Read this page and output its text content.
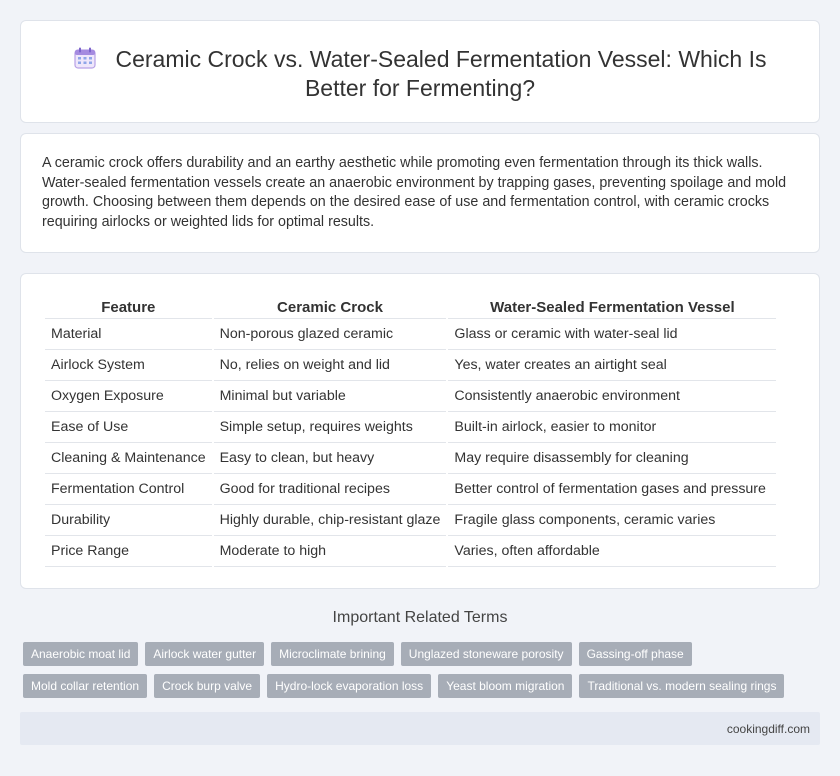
Ceramic Crock vs. Water-Sealed Fermentation Vessel: Which Is
Better for Fermenting?

A ceramic crock offers durability and an earthy aesthetic while promoting even fermentation through its thick walls. Water-sealed fermentation vessels create an anaerobic environment by trapping gases, preventing spoilage and mold growth. Choosing between them depends on the desired ease of use and fermentation control, with ceramic crocks requiring airlocks or weighted lids for optimal results.

Feature	Ceramic Crock	Water-Sealed Fermentation Vessel
Material	Non-porous glazed ceramic	Glass or ceramic with water-seal lid
Airlock System	No, relies on weight and lid	Yes, water creates an airtight seal
Oxygen Exposure	Minimal but variable	Consistently anaerobic environment
Ease of Use	Simple setup, requires weights	Built-in airlock, easier to monitor
Cleaning & Maintenance	Easy to clean, but heavy	May require disassembly for cleaning
Fermentation Control	Good for traditional recipes	Better control of fermentation gases and pressure
Durability	Highly durable, chip-resistant glaze	Fragile glass components, ceramic varies
Price Range	Moderate to high	Varies, often affordable
Important Related Terms
Anaerobic moat lid	Airlock water gutter	Microclimate brining	Unglazed stoneware porosity	Gassing-off phase
Mold collar retention	Crock burp valve	Hydro-lock evaporation loss	Yeast bloom migration	Traditional vs. modern sealing rings
cookingdiff.com
